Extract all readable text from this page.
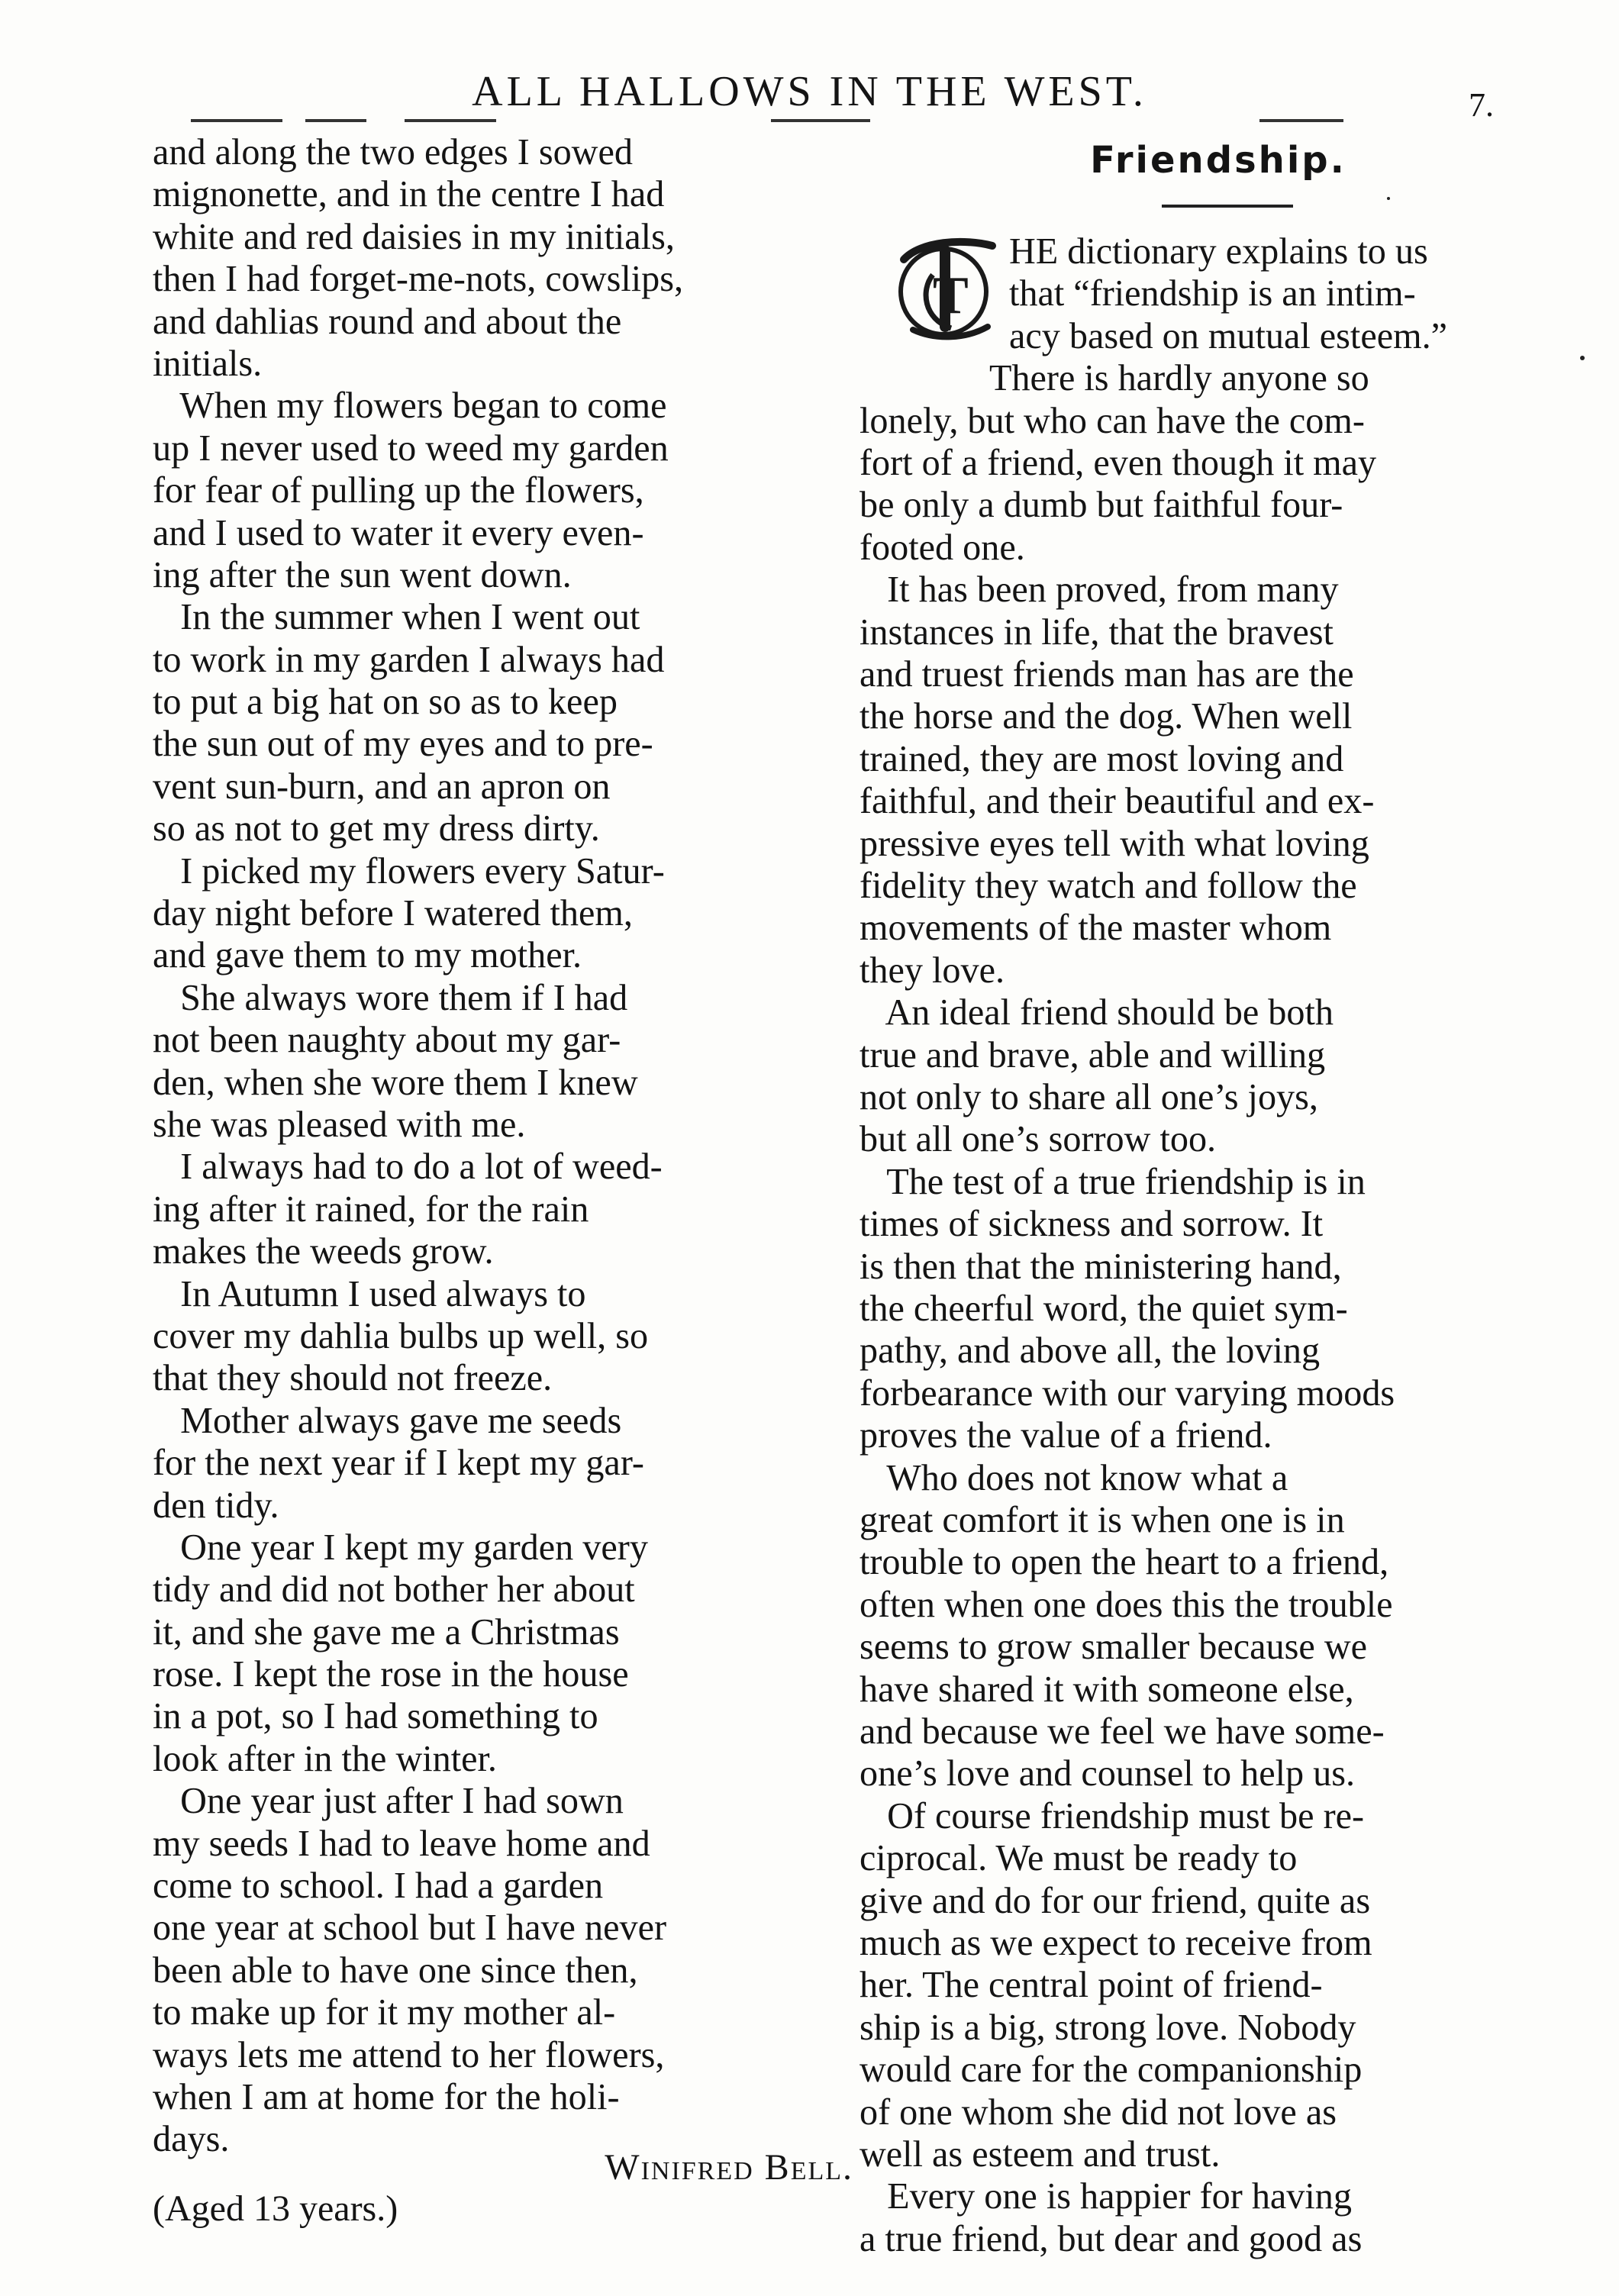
ALL HALLOWS IN THE WEST.	7.
and along the two edges I sowed
mignonette, and in the centre I had
white and red daisies in my initials,
then I had forget-me-nots, cowslips,
and dahlias round and about the
initials.
When my flowers began to come
up I never used to weed my garden
for fear of pulling up the flowers,
and I used to water it every even-
ing after the sun went down.
In the summer when I went out
to work in my garden I always had
to put a big hat on so as to keep
the sun out of my eyes and to pre-
vent sun-burn, and an apron on
so as not to get my dress dirty.
I picked my flowers every Satur-
day night before I watered them,
and gave them to my mother.
She always wore them if I had
not been naughty about my gar-
den, when she wore them I knew
she was pleased with me.
I always had to do a lot of weed-
ing after it rained, for the rain
makes the weeds grow.
In Autumn I used always to
cover my dahlia bulbs up well, so
that they should not freeze.
Mother always gave me seeds
for the next year if I kept my gar-
den tidy.
One year I kept my garden very
tidy and did not bother her about
it, and she gave me a Christmas
rose. I kept the rose in the house
in a pot, so I had something to
look after in the winter.
One year just after I had sown
my seeds I had to leave home and
come to school. I had a garden
one year at school but I have never
been able to have one since then,
to make up for it my mother al-
ways lets me attend to her flowers,
when I am at home for the holi-
days.
Winifred Bell.
(Aged 13 years.)
Friendship.
T
HE dictionary explains to us
that “friendship is an intim-
acy based on mutual esteem.”
There is hardly anyone so
lonely, but who can have the com-
fort of a friend, even though it may
be only a dumb but faithful four-
footed one.
It has been proved, from many
instances in life, that the bravest
and truest friends man has are the
the horse and the dog. When well
trained, they are most loving and
faithful, and their beautiful and ex-
pressive eyes tell with what loving
fidelity they watch and follow the
movements of the master whom
they love.
An ideal friend should be both
true and brave, able and willing
not only to share all one’s joys,
but all one’s sorrow too.
The test of a true friendship is in
times of sickness and sorrow. It
is then that the ministering hand,
the cheerful word, the quiet sym-
pathy, and above all, the loving
forbearance with our varying moods
proves the value of a friend.
Who does not know what a
great comfort it is when one is in
trouble to open the heart to a friend,
often when one does this the trouble
seems to grow smaller because we
have shared it with someone else,
and because we feel we have some-
one’s love and counsel to help us.
Of course friendship must be re-
ciprocal. We must be ready to
give and do for our friend, quite as
much as we expect to receive from
her. The central point of friend-
ship is a big, strong love. Nobody
would care for the companionship
of one whom she did not love as
well as esteem and trust.
Every one is happier for having
a true friend, but dear and good as
